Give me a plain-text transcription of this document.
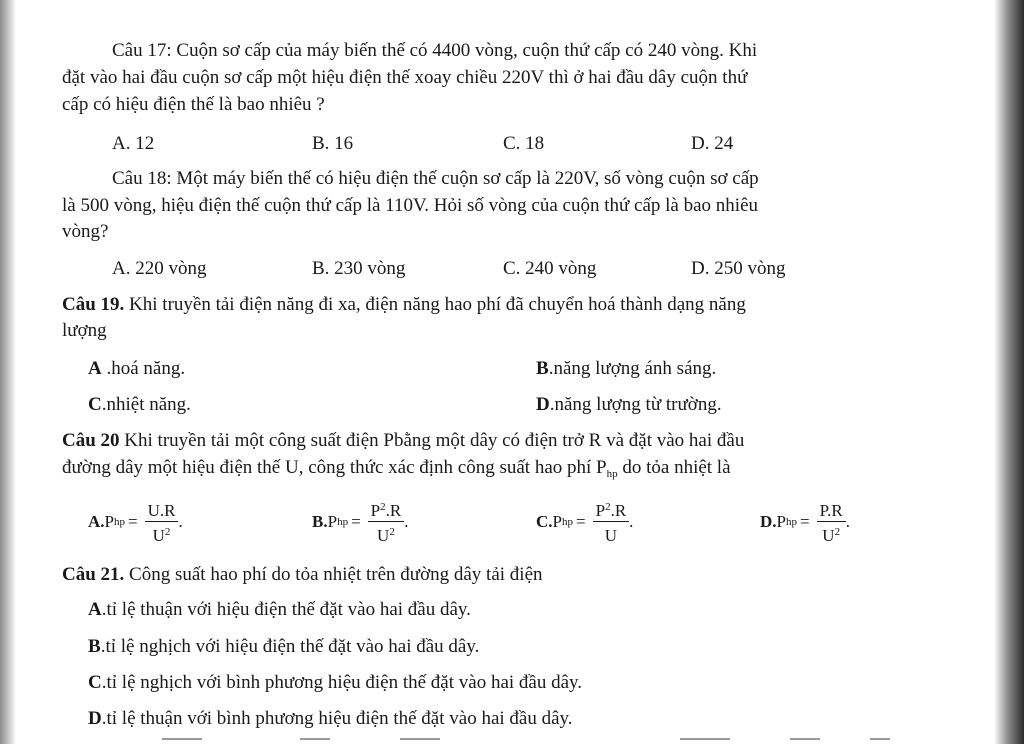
Câu 17: Cuộn sơ cấp của máy biến thế có 4400 vòng, cuộn thứ cấp có 240 vòng. Khi
đặt vào hai đầu cuộn sơ cấp một hiệu điện thế xoay chiều 220V thì ở hai đầu dây cuộn thứ
cấp có hiệu điện thế là bao nhiêu ?
A. 12	B. 16	C. 18	D. 24
Câu 18: Một máy biến thế có hiệu điện thế cuộn sơ cấp là 220V, số vòng cuộn sơ cấp
là 500 vòng, hiệu điện thế cuộn thứ cấp là 110V. Hỏi số vòng của cuộn thứ cấp là bao nhiêu
vòng?
A. 220 vòng	B. 230 vòng	C. 240 vòng	D. 250 vòng
Câu 19. Khi truyền tải điện năng đi xa, điện năng hao phí đã chuyển hoá thành dạng năng
lượng
A .hoá năng.	B.năng lượng ánh sáng.
C.nhiệt năng.	D.năng lượng từ trường.
Câu 20 Khi truyền tải một công suất điện Pbằng một dây có điện trở R và đặt vào hai đầu
đường dây một hiệu điện thế U, công thức xác định công suất hao phí $P_{hp}$ do tỏa nhiệt là
A. P hp = $\frac{U.R}{U^2}$ .	B. P hp = $\frac{P^2.R}{U^2}$ .	C. P hp = $\frac{P^2.R}{U}$ .	D. P hp = $\frac{P.R}{U^2}$ .
Câu 21. Công suất hao phí do tỏa nhiệt trên đường dây tải điện
A.tỉ lệ thuận với hiệu điện thế đặt vào hai đầu dây.
B.tỉ lệ nghịch với hiệu điện thế đặt vào hai đầu dây.
C.tỉ lệ nghịch với bình phương hiệu điện thế đặt vào hai đầu dây.
D.tỉ lệ thuận với bình phương hiệu điện thế đặt vào hai đầu dây.
